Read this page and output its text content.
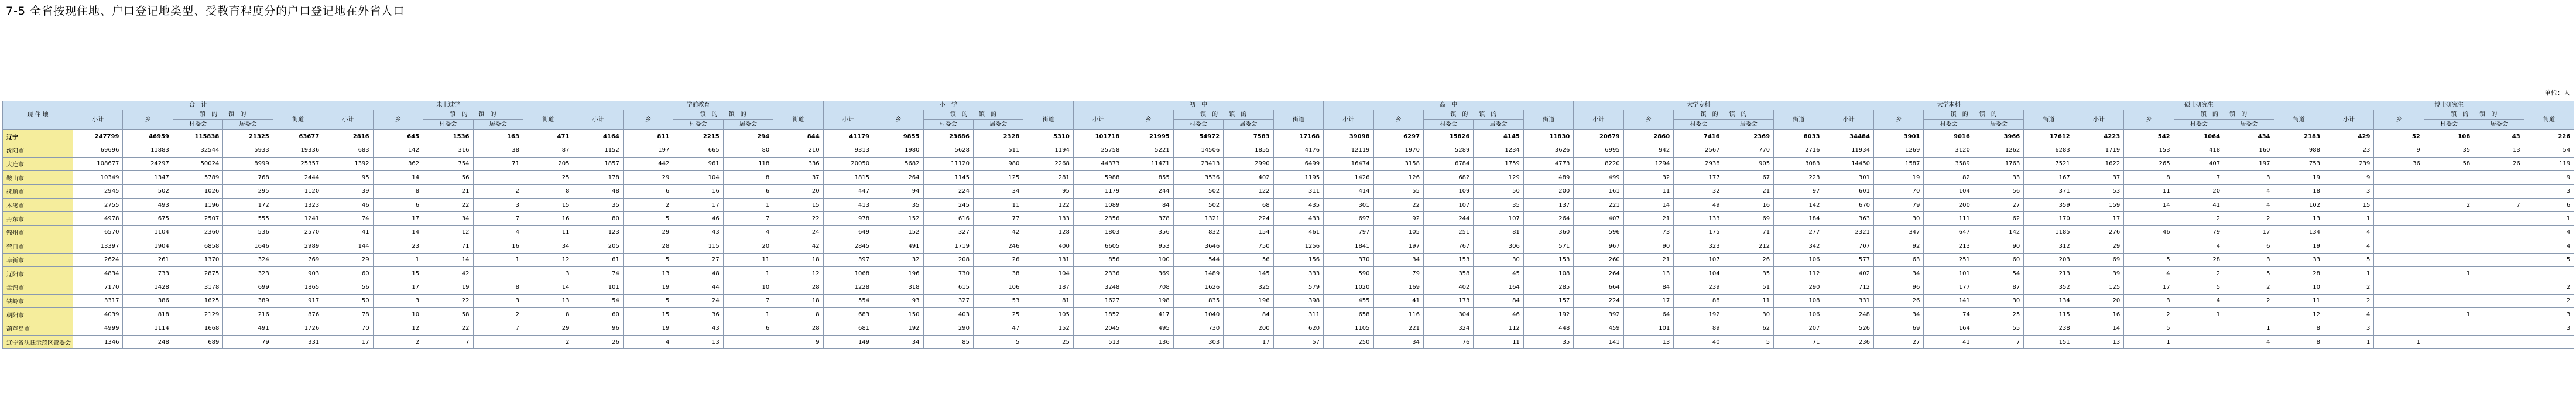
7-5 全省按现住地、户口登记地类型、受教育程度分的户口登记地在外省人口
单位：人
现 住 地	合　计					未上过学					学前教育					小　学					初　中					高　中					大学专科					大学本科					硕士研究生					博士研究生				
	小计	乡	镇　的      镇　的		街道	小计	乡	镇　的      镇　的		街道	小计	乡	镇　的      镇　的		街道	小计	乡	镇　的      镇　的		街道	小计	乡	镇　的      镇　的		街道	小计	乡	镇　的      镇　的		街道	小计	乡	镇　的      镇　的		街道	小计	乡	镇　的      镇　的		街道	小计	乡	镇　的      镇　的		街道	小计	乡	镇　的      镇　的		街道
			村委会	居委会				村委会	居委会				村委会	居委会				村委会	居委会				村委会	居委会				村委会	居委会				村委会	居委会				村委会	居委会				村委会	居委会				村委会	居委会	
辽宁	247799	46959	115838	21325	63677	2816	645	1536	163	471	4164	811	2215	294	844	41179	9855	23686	2328	5310	101718	21995	54972	7583	17168	39098	6297	15826	4145	11830	20679	2860	7416	2369	8033	34484	3901	9016	3966	17612	4223	542	1064	434	2183	429	52	108	43	226
沈阳市	69696	11883	32544	5933	19336	683	142	316	38	87	1152	197	665	80	210	9313	1980	5628	511	1194	25758	5221	14506	1855	4176	12119	1970	5289	1234	3626	6995	942	2567	770	2716	11934	1269	3120	1262	6283	1719	153	418	160	988	23	9	35	13	54
大连市	108677	24297	50024	8999	25357	1392	362	754	71	205	1857	442	961	118	336	20050	5682	11120	980	2268	44373	11471	23413	2990	6499	16474	3158	6784	1759	4773	8220	1294	2938	905	3083	14450	1587	3589	1763	7521	1622	265	407	197	753	239	36	58	26	119
鞍山市	10349	1347	5789	768	2444	95	14	56		25	178	29	104	8	37	1815	264	1145	125	281	5988	855	3536	402	1195	1426	126	682	129	489	499	32	177	67	223	301	19	82	33	167	37	8	7	3	19	9				9
抚顺市	2945	502	1026	295	1120	39	8	21	2	8	48	6	16	6	20	447	94	224	34	95	1179	244	502	122	311	414	55	109	50	200	161	11	32	21	97	601	70	104	56	371	53	11	20	4	18	3				3
本溪市	2755	493	1196	172	1323	46	6	22	3	15	35	2	17	1	15	413	35	245	11	122	1089	84	502	68	435	301	22	107	35	137	221	14	49	16	142	670	79	200	27	359	159	14	41	4	102	15		2	7	6
丹东市	4978	675	2507	555	1241	74	17	34	7	16	80	5	46	7	22	978	152	616	77	133	2356	378	1321	224	433	697	92	244	107	264	407	21	133	69	184	363	30	111	62	170	17		2	2	13	1				1
锦州市	6570	1104	2360	536	2570	41	14	12	4	11	123	29	43	4	24	649	152	327	42	128	1803	356	832	154	461	797	105	251	81	360	596	73	175	71	277	2321	347	647	142	1185	276	46	79	17	134	4				4
营口市	13397	1904	6858	1646	2989	144	23	71	16	34	205	28	115	20	42	2845	491	1719	246	400	6605	953	3646	750	1256	1841	197	767	306	571	967	90	323	212	342	707	92	213	90	312	29		4	6	19	4				4
阜新市	2624	261	1370	324	769	29	1	14	1	12	61	5	27	11	18	397	32	208	26	131	856	100	544	56	156	370	34	153	30	153	260	21	107	26	106	577	63	251	60	203	69	5	28	3	33	5				5
辽阳市	4834	733	2875	323	903	60	15	42		3	74	13	48	1	12	1068	196	730	38	104	2336	369	1489	145	333	590	79	358	45	108	264	13	104	35	112	402	34	101	54	213	39	4	2	5	28	1		1		
盘锦市	7170	1428	3178	699	1865	56	17	19	8	14	101	19	44	10	28	1228	318	615	106	187	3248	708	1626	325	579	1020	169	402	164	285	664	84	239	51	290	712	96	177	87	352	125	17	5	2	10	2				2
铁岭市	3317	386	1625	389	917	50	3	22	3	13	54	5	24	7	18	554	93	327	53	81	1627	198	835	196	398	455	41	173	84	157	224	17	88	11	108	331	26	141	30	134	20	3	4	2	11	2				2
朝阳市	4039	818	2129	216	876	78	10	58	2	8	60	15	36	1	8	683	150	403	25	105	1852	417	1040	84	311	658	116	304	46	192	392	64	192	30	106	248	34	74	25	115	16	2	1		12	4		1		3
葫芦岛市	4999	1114	1668	491	1726	70	12	22	7	29	96	19	43	6	28	681	192	290	47	152	2045	495	730	200	620	1105	221	324	112	448	459	101	89	62	207	526	69	164	55	238	14	5		1	8	3				3
辽宁省沈抚示范区管委会	1346	248	689	79	331	17	2	7		2	26	4	13		9	149	34	85	5	25	513	136	303	17	57	250	34	76	11	35	141	13	40	5	71	236	27	41	7	151	13	1		4	8	1	1			
